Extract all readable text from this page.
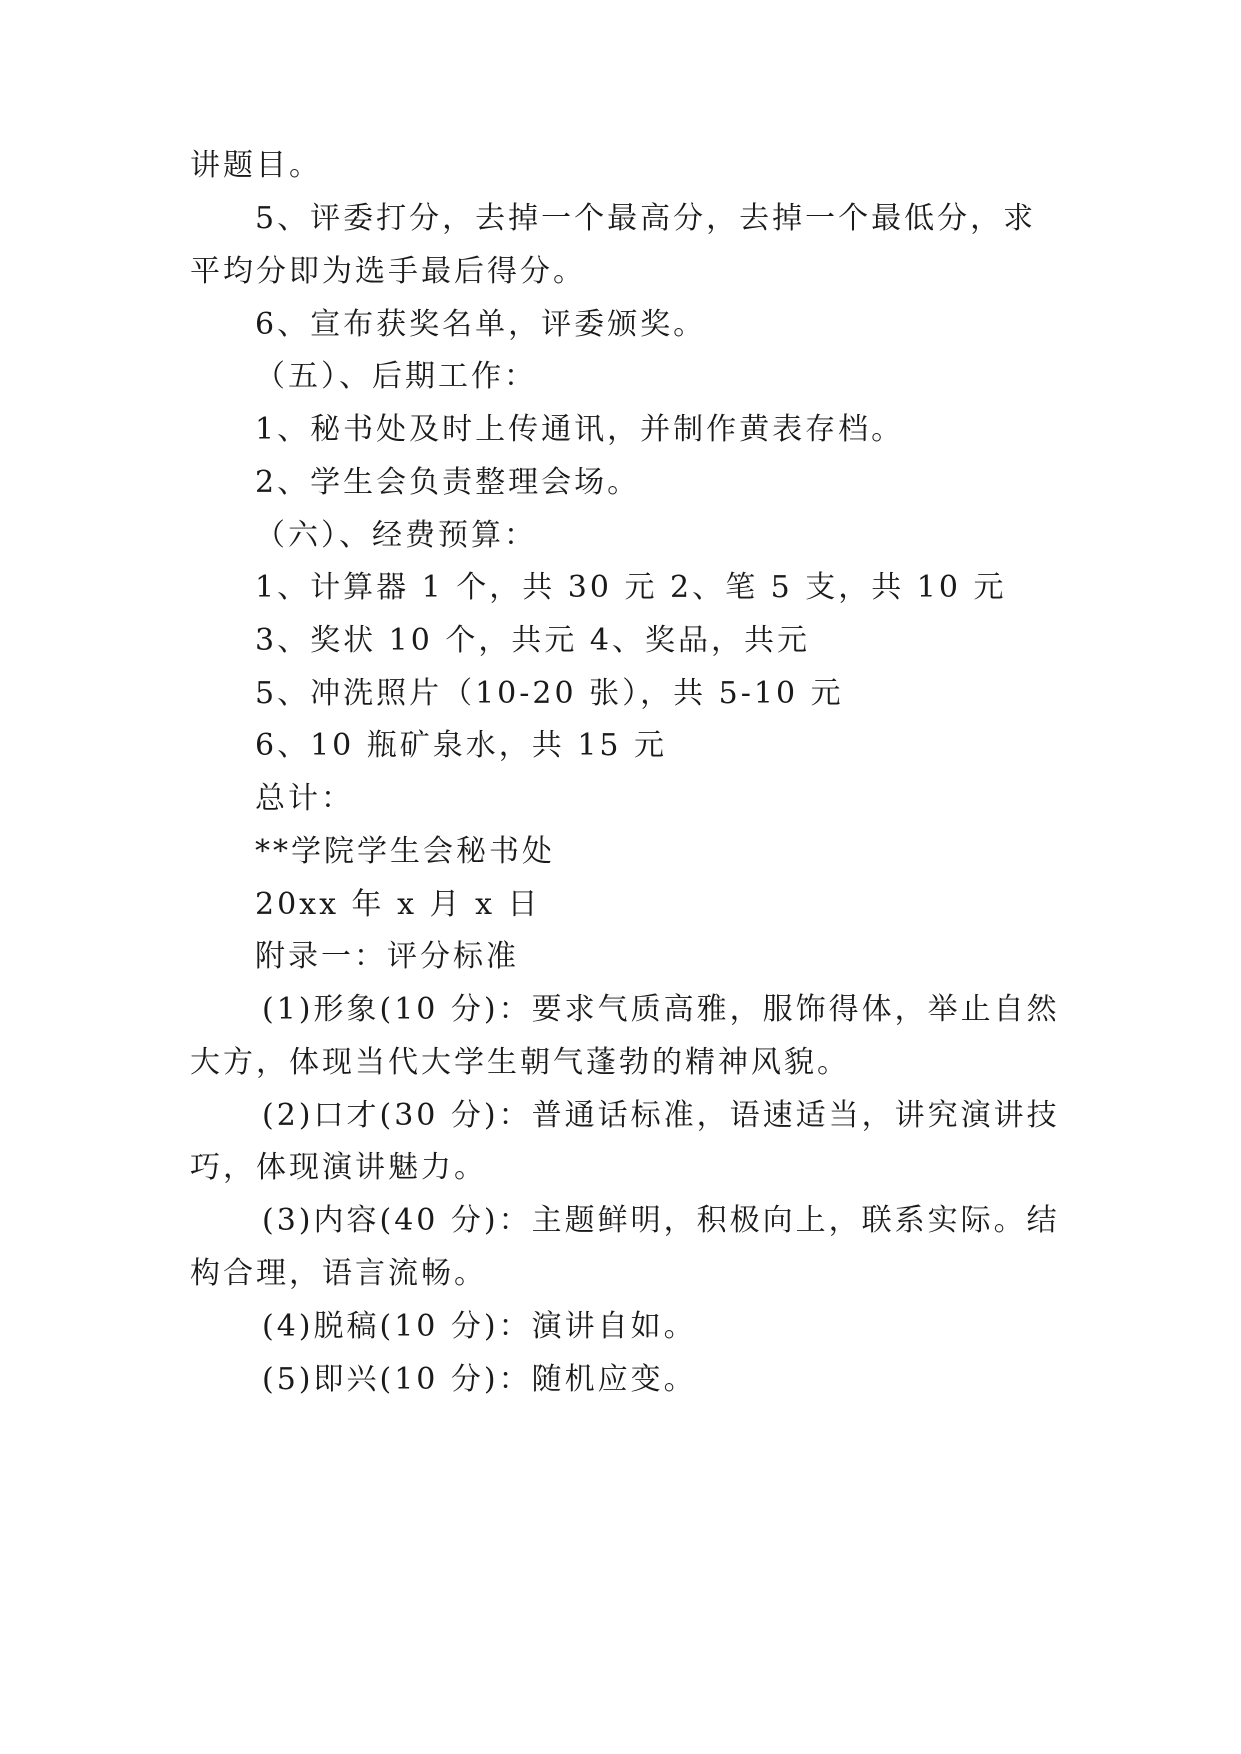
讲题目。
5、评委打分，去掉一个最高分，去掉一个最低分，求
平均分即为选手最后得分。
6、宣布获奖名单，评委颁奖。
（五）、后期工作：
1、秘书处及时上传通讯，并制作黄表存档。
2、学生会负责整理会场。
（六）、经费预算：
1、计算器 1 个，共 30 元 2、笔 5 支，共 10 元
3、奖状 10 个，共元 4、奖品，共元
5、冲洗照片（10-20 张），共 5-10 元
6、10 瓶矿泉水，共 15 元
总计：
**学院学生会秘书处
20xx 年 x 月 x 日
附录一：评分标准
(1)形象(10 分)：要求气质高雅，服饰得体，举止自然
大方，体现当代大学生朝气蓬勃的精神风貌。
(2)口才(30 分)：普通话标准，语速适当，讲究演讲技
巧，体现演讲魅力。
(3)内容(40 分)：主题鲜明，积极向上，联系实际。结
构合理，语言流畅。
(4)脱稿(10 分)：演讲自如。
(5)即兴(10 分)：随机应变。
